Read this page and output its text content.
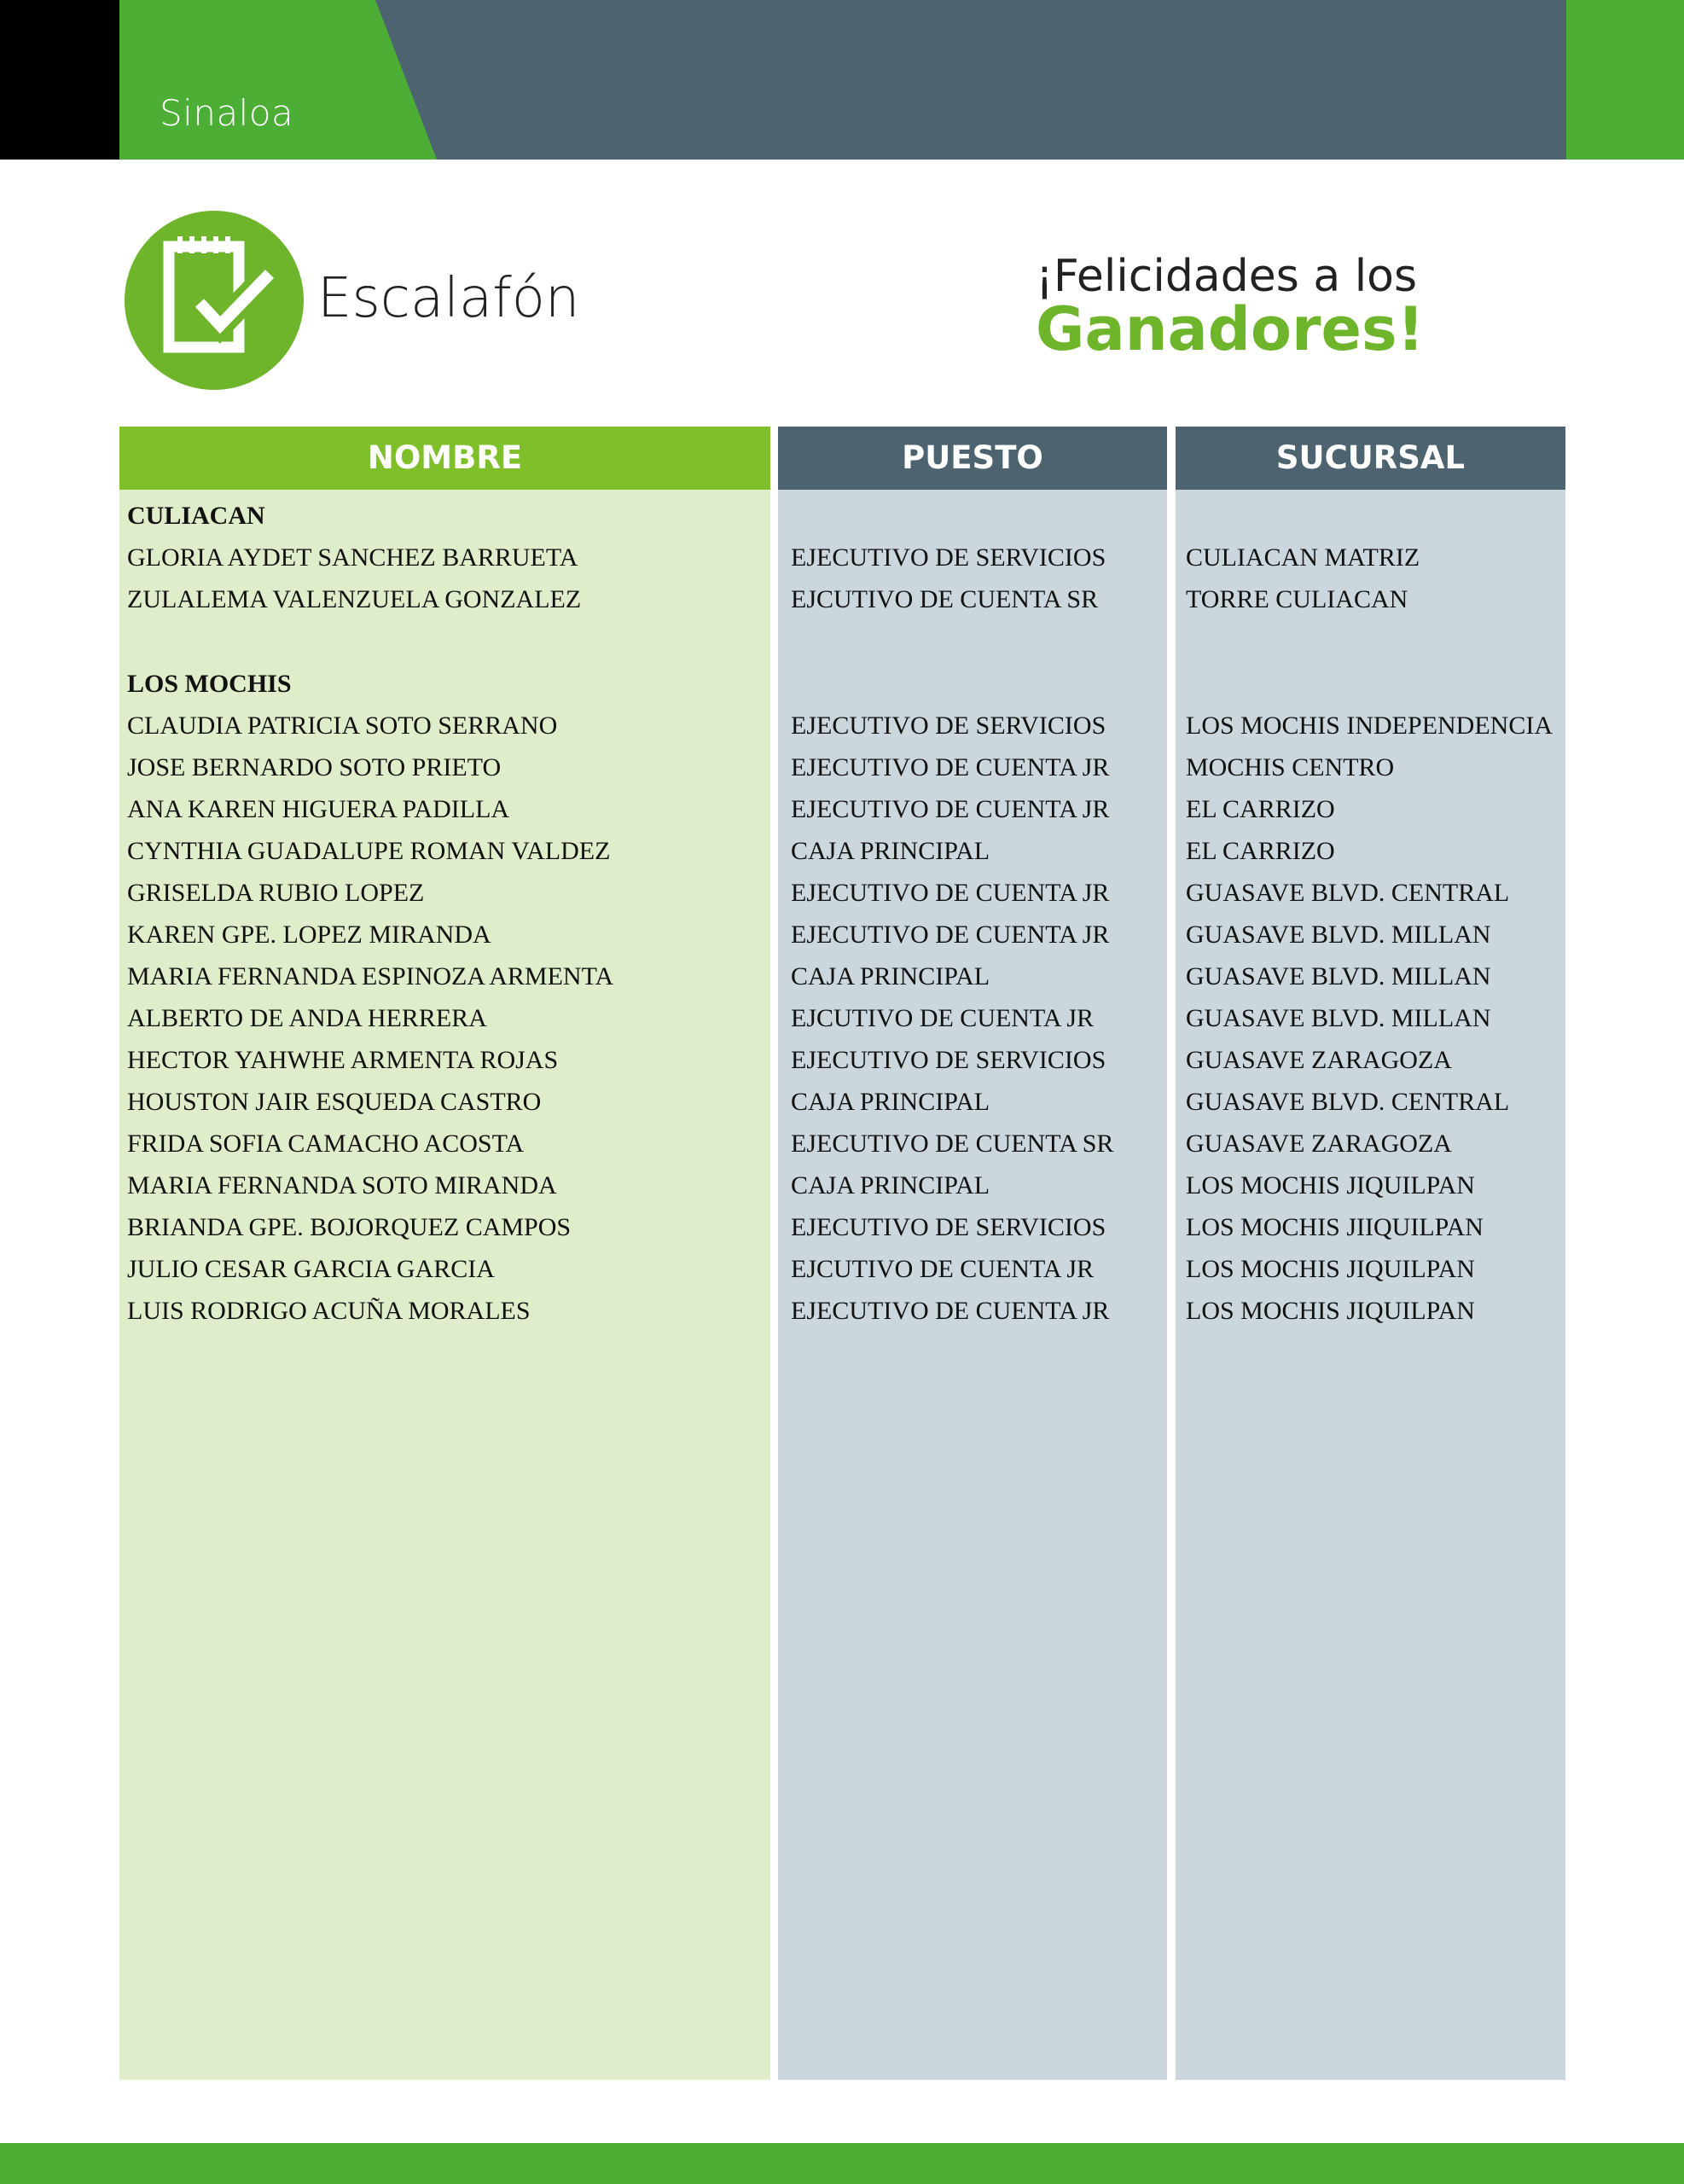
Sinaloa
Escalafón	¡Felicidades a los
Ganadores!
NOMBRE	PUESTO	SUCURSAL
CULIACAN
GLORIA AYDET SANCHEZ BARRUETA	EJECUTIVO DE SERVICIOS	CULIACAN MATRIZ
ZULALEMA VALENZUELA GONZALEZ	EJCUTIVO DE CUENTA SR	TORRE CULIACAN
LOS MOCHIS
CLAUDIA PATRICIA SOTO SERRANO	EJECUTIVO DE SERVICIOS	LOS MOCHIS INDEPENDENCIA
JOSE BERNARDO SOTO PRIETO	EJECUTIVO DE CUENTA JR	MOCHIS CENTRO
ANA KAREN HIGUERA PADILLA	EJECUTIVO DE CUENTA JR	EL CARRIZO
CYNTHIA GUADALUPE ROMAN VALDEZ	CAJA PRINCIPAL	EL CARRIZO
GRISELDA RUBIO LOPEZ	EJECUTIVO DE CUENTA JR	GUASAVE BLVD. CENTRAL
KAREN GPE. LOPEZ MIRANDA	EJECUTIVO DE CUENTA JR	GUASAVE BLVD. MILLAN
MARIA FERNANDA ESPINOZA ARMENTA	CAJA PRINCIPAL	GUASAVE BLVD. MILLAN
ALBERTO DE ANDA HERRERA	EJCUTIVO DE CUENTA JR	GUASAVE BLVD. MILLAN
HECTOR YAHWHE ARMENTA ROJAS	EJECUTIVO DE SERVICIOS	GUASAVE ZARAGOZA
HOUSTON JAIR ESQUEDA CASTRO	CAJA PRINCIPAL	GUASAVE BLVD. CENTRAL
FRIDA SOFIA CAMACHO ACOSTA	EJECUTIVO DE CUENTA SR	GUASAVE ZARAGOZA
MARIA FERNANDA SOTO MIRANDA	CAJA PRINCIPAL	LOS MOCHIS JIQUILPAN
BRIANDA GPE. BOJORQUEZ CAMPOS	EJECUTIVO DE SERVICIOS	LOS MOCHIS JIIQUILPAN
JULIO CESAR GARCIA GARCIA	EJCUTIVO DE CUENTA JR	LOS MOCHIS JIQUILPAN
LUIS RODRIGO ACUÑA MORALES	EJECUTIVO DE CUENTA JR	LOS MOCHIS JIQUILPAN
